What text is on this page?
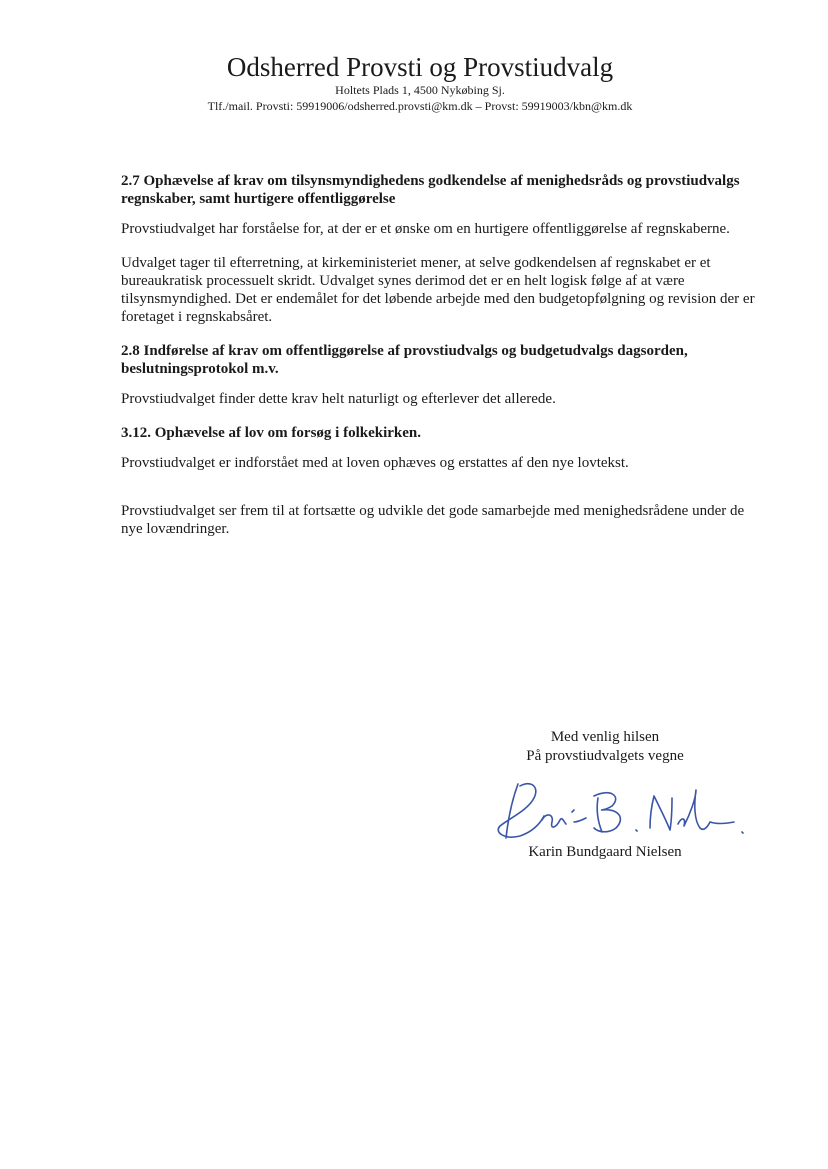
Odsherred Provsti og Provstiudvalg
Holtets Plads 1, 4500 Nykøbing Sj.
Tlf./mail. Provsti: 59919006/odsherred.provsti@km.dk – Provst: 59919003/kbn@km.dk
2.7 Ophævelse af krav om tilsynsmyndighedens godkendelse af menighedsråds og provstiudvalgs regnskaber, samt hurtigere offentliggørelse

Provstiudvalget har forståelse for, at der er et ønske om en hurtigere offentliggørelse af regnskaberne.

Udvalget tager til efterretning, at kirkeministeriet mener, at selve godkendelsen af regnskabet er et bureaukratisk processuelt skridt. Udvalget synes derimod det er en helt logisk følge af at være tilsynsmyndighed. Det er endemålet for det løbende arbejde med den budgetopfølgning og revision der er foretaget i regnskabsåret.

2.8 Indførelse af krav om offentliggørelse af provstiudvalgs og budgetudvalgs dagsorden, beslutningsprotokol m.v.

Provstiudvalget finder dette krav helt naturligt og efterlever det allerede.

3.12. Ophævelse af lov om forsøg i folkekirken.

Provstiudvalget er indforstået med at loven ophæves og erstattes af den nye lovtekst.

Provstiudvalget ser frem til at fortsætte og udvikle det gode samarbejde med menighedsrådene under de nye lovændringer.

Med venlig hilsen
På provstiudvalgets vegne
Karin Bundgaard Nielsen
